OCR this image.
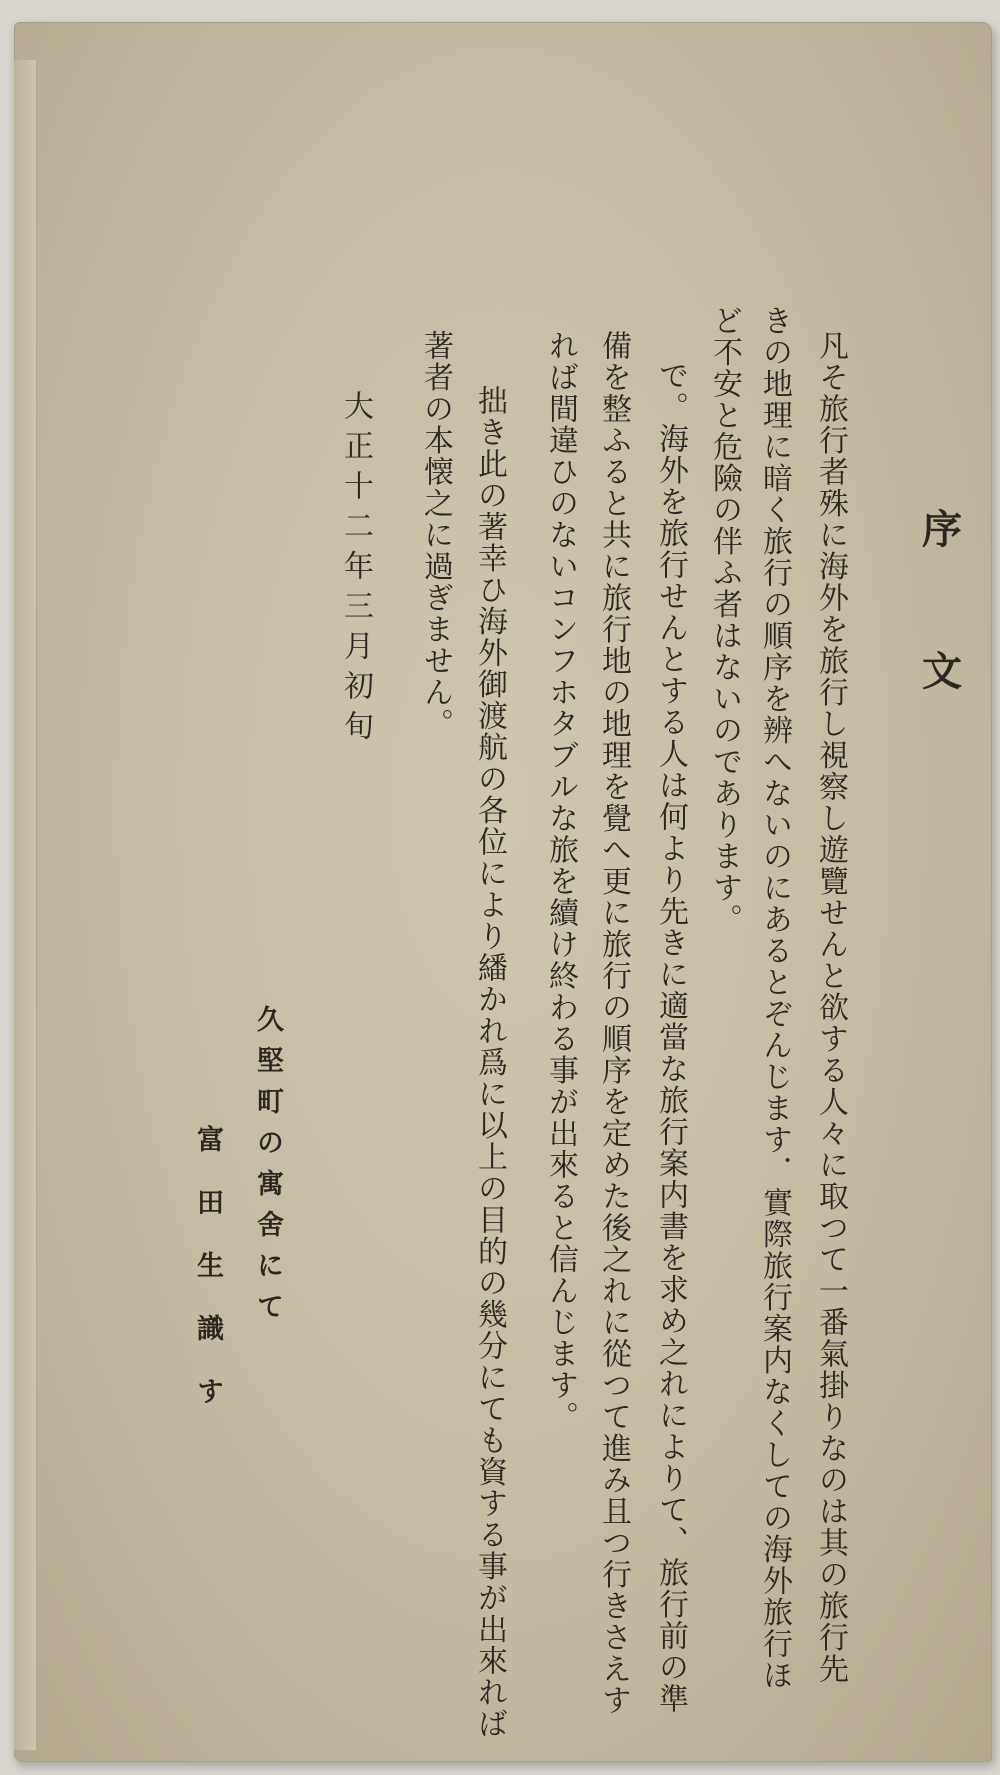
序
文
凡そ旅行者殊に海外を旅行し視察し遊覽せんと欲する人々に取つて一番氣掛りなのは其の旅行先
きの地理に暗く旅行の順序を辨へないのにあるとぞんじます．實際旅行案内なくしての海外旅行ほ
ど不安と危險の伴ふ者はないのであります。
で。海外を旅行せんとする人は何より先きに適當な旅行案内書を求め之れによりて、旅行前の準
備を整ふると共に旅行地の地理を覺へ更に旅行の順序を定めた後之れに從つて進み且つ行きさえす
れば間違ひのないコンフホタブルな旅を續け終わる事が出來ると信んじます。
拙き此の著幸ひ海外御渡航の各位により繙かれ爲に以上の目的の幾分にても資する事が出來れば
著者の本懐之に過ぎません。
大正十二年三月初旬
久堅町の寓舍にて
富田生識す
